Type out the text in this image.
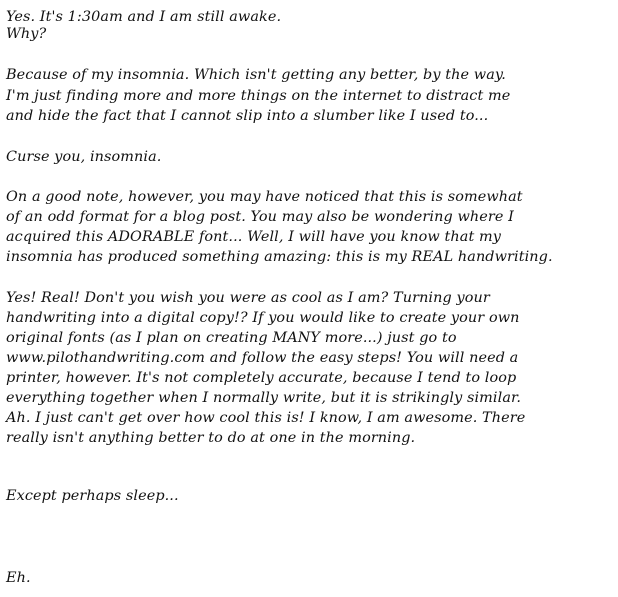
Yes. It's 1:30am and I am still awake.
Why?
Because of my insomnia. Which isn't getting any better, by the way.
I'm just finding more and more things on the internet to distract me
and hide the fact that I cannot slip into a slumber like I used to...
Curse you, insomnia.
On a good note, however, you may have noticed that this is somewhat
of an odd format for a blog post. You may also be wondering where I
acquired this ADORABLE font... Well, I will have you know that my
insomnia has produced something amazing: this is my REAL handwriting.
Yes! Real! Don't you wish you were as cool as I am? Turning your
handwriting into a digital copy!? If you would like to create your own
original fonts (as I plan on creating MANY more...) just go to
www.pilothandwriting.com and follow the easy steps! You will need a
printer, however. It's not completely accurate, because I tend to loop
everything together when I normally write, but it is strikingly similar.
Ah. I just can't get over how cool this is! I know, I am awesome. There
really isn't anything better to do at one in the morning.
Except perhaps sleep...
Eh.
